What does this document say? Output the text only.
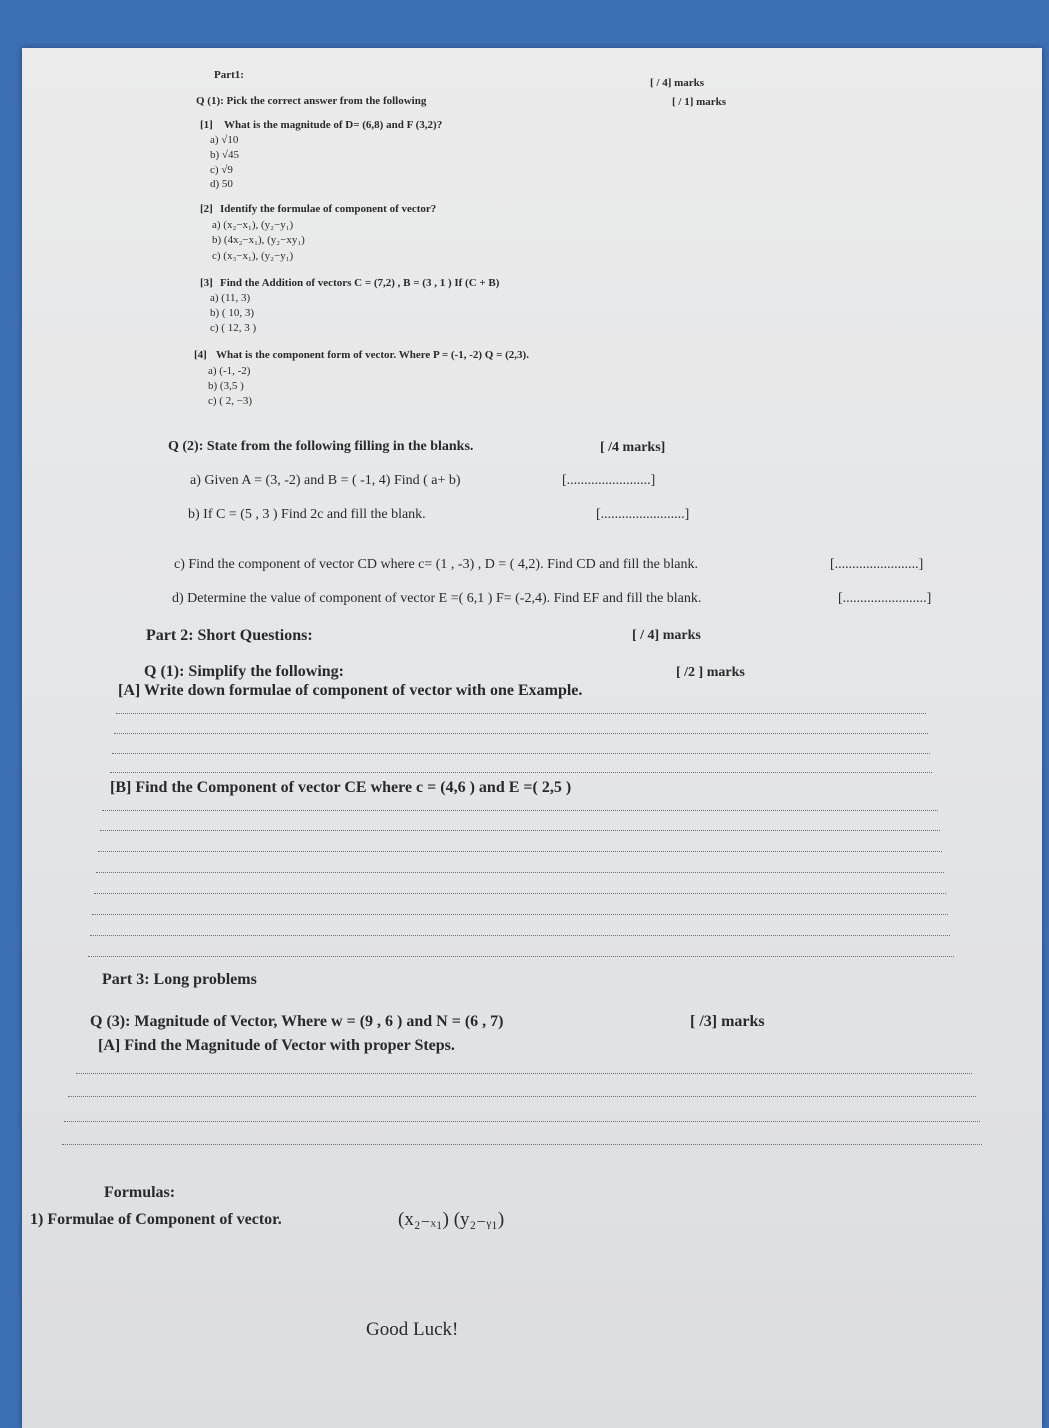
Part1:
[ / 4] marks
Q (1): Pick the correct answer from the following	[ / 1] marks
[1] What is the magnitude of D= (6,8) and F (3,2)?
a) √10
b) √45
c) √9
d) 50
[2] Identify the formulae of component of vector?
a) (x₂−x₁), (y₂−y₁)
b) (4x₂−x₁), (y₂−xy₁)
c) (x₃−x₁), (y₂−y₁)
[3] Find the Addition of vectors C = (7,2) , B = (3 , 1 ) If (C + B)
a) (11, 3)
b) ( 10, 3)
c) ( 12, 3 )
[4] What is the component form of vector. Where P = (-1, -2) Q = (2,3).
a) (-1, -2)
b) (3,5 )
c) ( 2, −3)
Q (2): State from the following filling in the blanks.	[ /4 marks]
a) Given A = (3, -2) and B = ( -1, 4) Find ( a+ b)	[........................]
b) If C = (5 , 3 ) Find 2c and fill the blank.	[........................]
c) Find the component of vector CD where c= (1 , -3) , D = ( 4,2). Find CD and fill the blank.	[........................]
d) Determine the value of component of vector E =( 6,1 ) F= (-2,4). Find EF and fill the blank.	[........................]
Part 2: Short Questions:	[ / 4] marks
Q (1): Simplify the following:	[ /2 ] marks
[A] Write down formulae of component of vector with one Example.
[B] Find the Component of vector CE where c = (4,6 ) and E =( 2,5 )
Part 3: Long problems
Q (3): Magnitude of Vector, Where w = (9 , 6 ) and N = (6 , 7)	[ /3] marks
[A] Find the Magnitude of Vector with proper Steps.
Formulas:
1) Formulae of Component of vector.	(x₂₋ₓ₁) (y₂₋ᵧ₁)
Good Luck!
